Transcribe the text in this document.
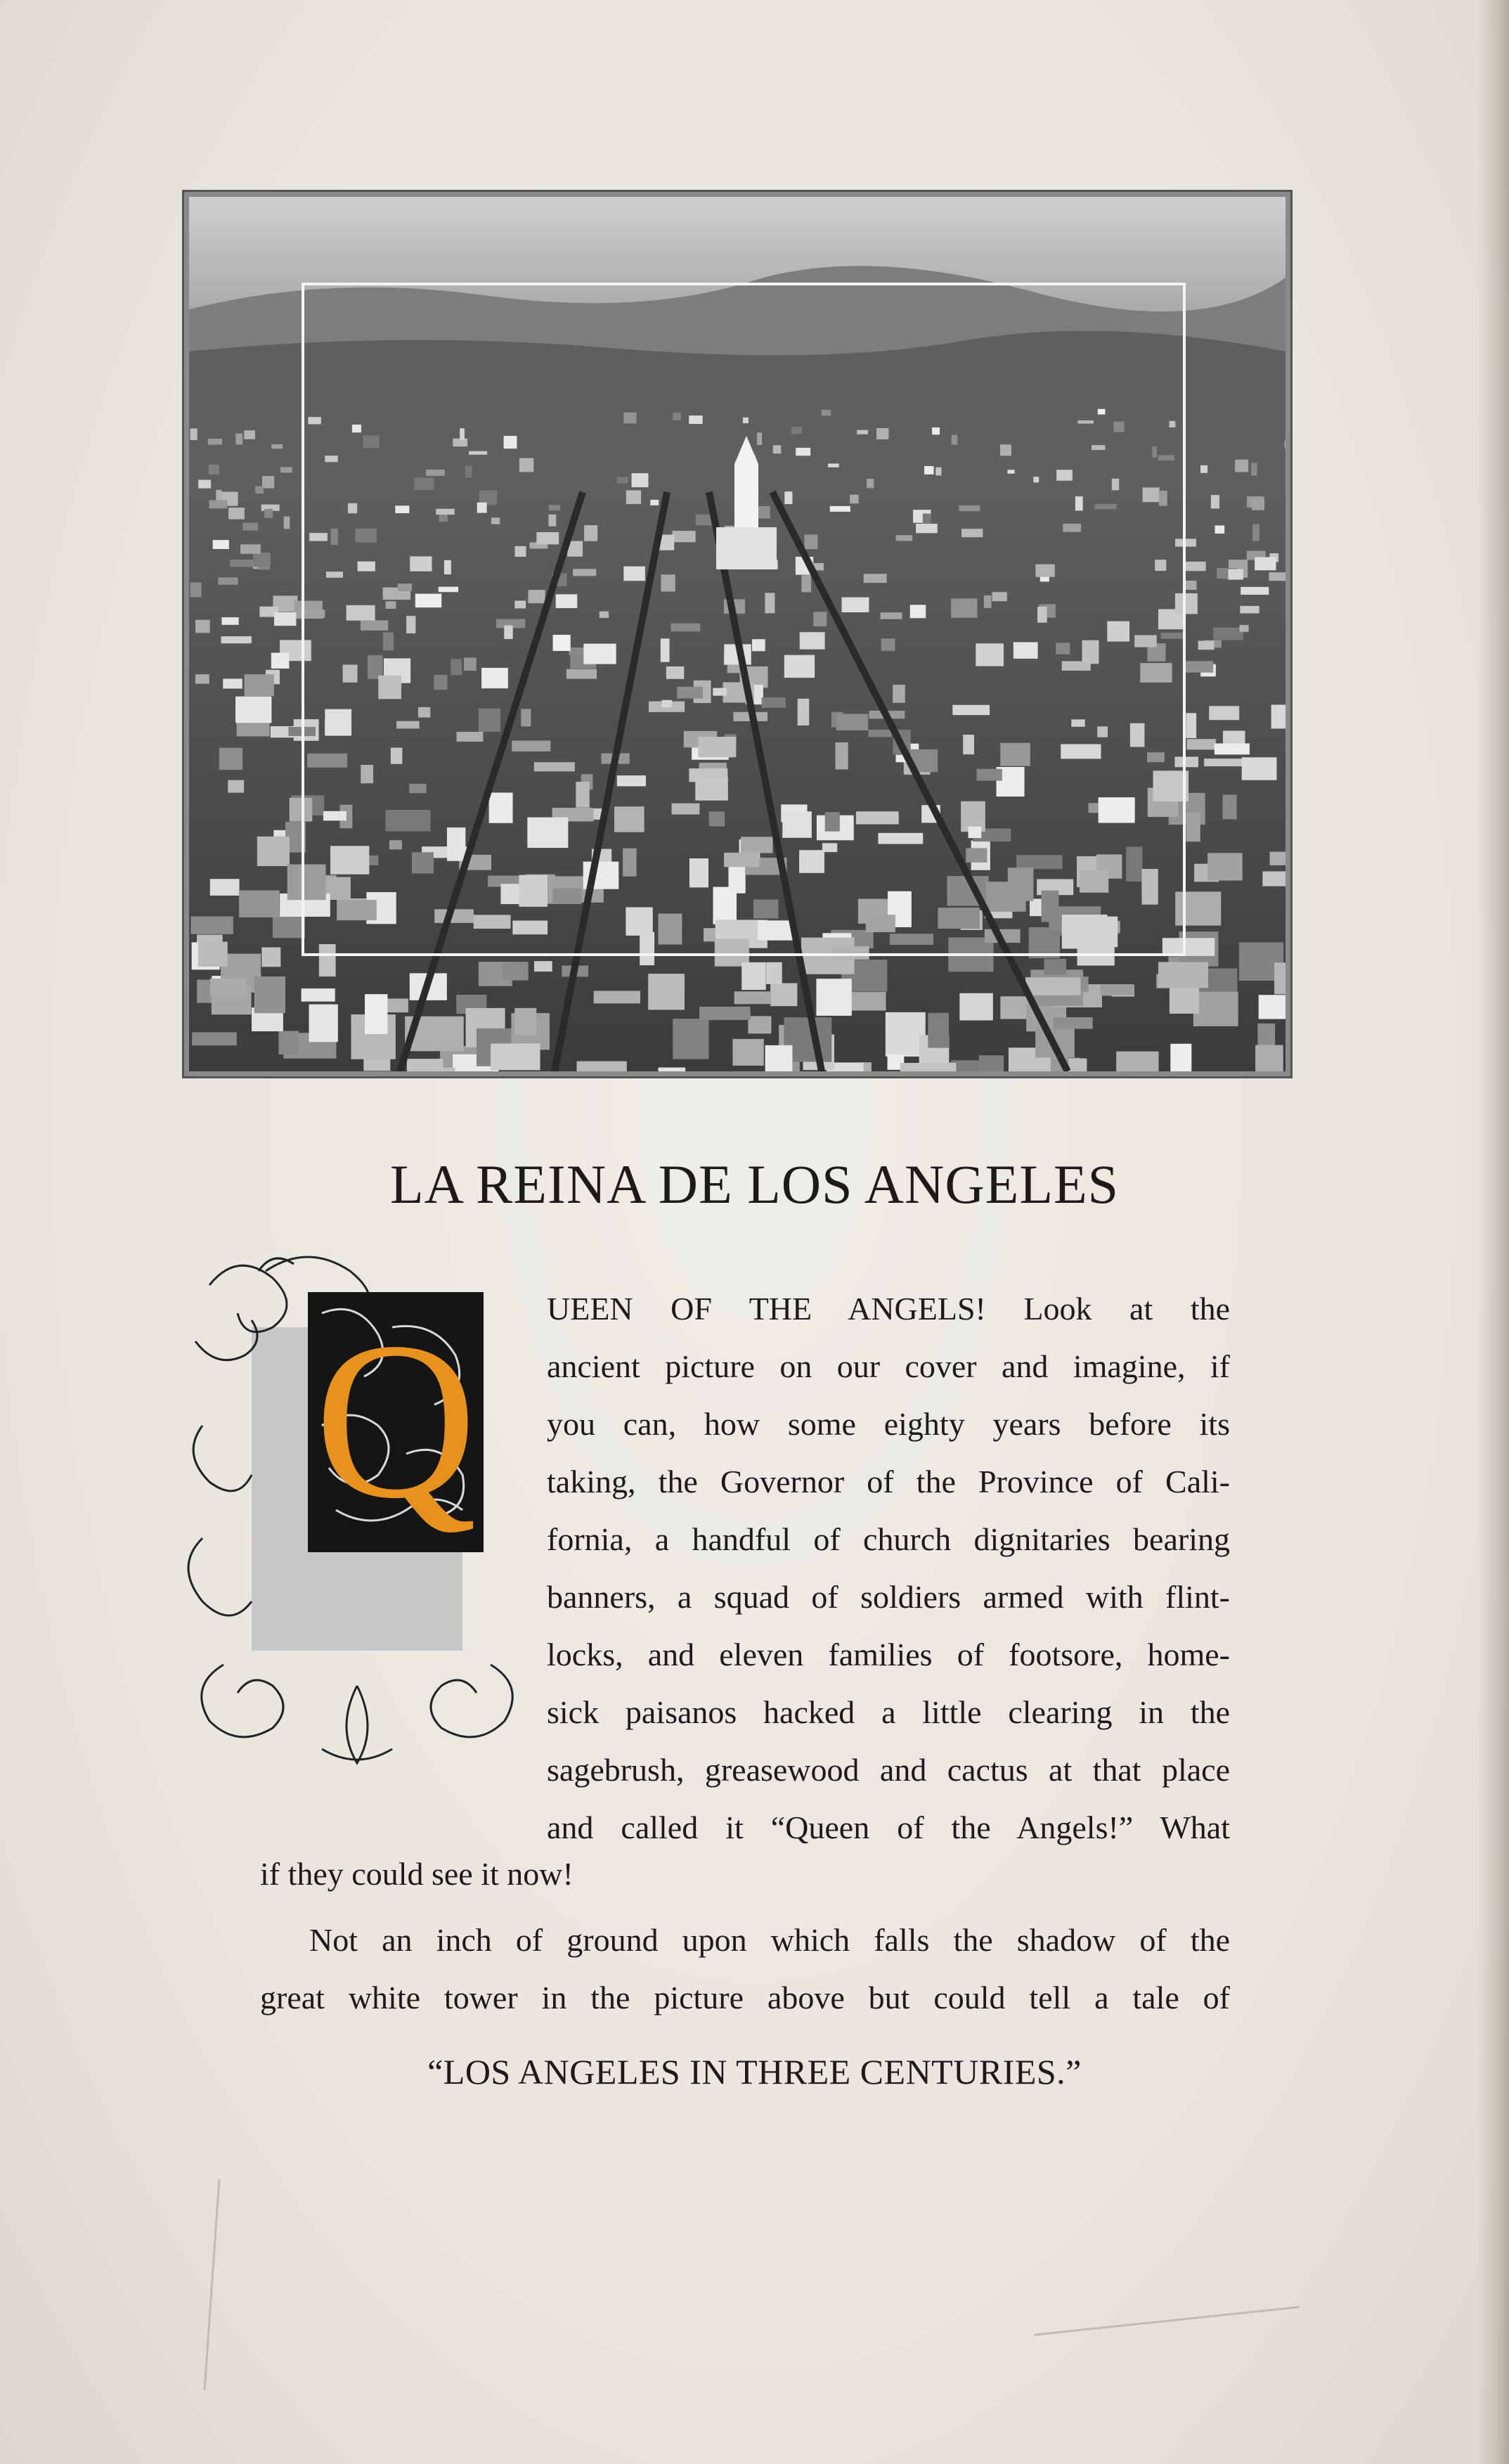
LA REINA DE LOS ANGELES
Q UEEN OF THE ANGELS! Look at the
ancient picture on our cover and imagine, if
you can, how some eighty years before its
taking, the Governor of the Province of Cali-
fornia, a handful of church dignitaries bearing
banners, a squad of soldiers armed with flint-
locks, and eleven families of footsore, home-
sick paisanos hacked a little clearing in the
sagebrush, greasewood and cactus at that place
and called it “Queen of the Angels!” What
if they could see it now!
Not an inch of ground upon which falls the shadow of the
great white tower in the picture above but could tell a tale of
“LOS ANGELES IN THREE CENTURIES.”
